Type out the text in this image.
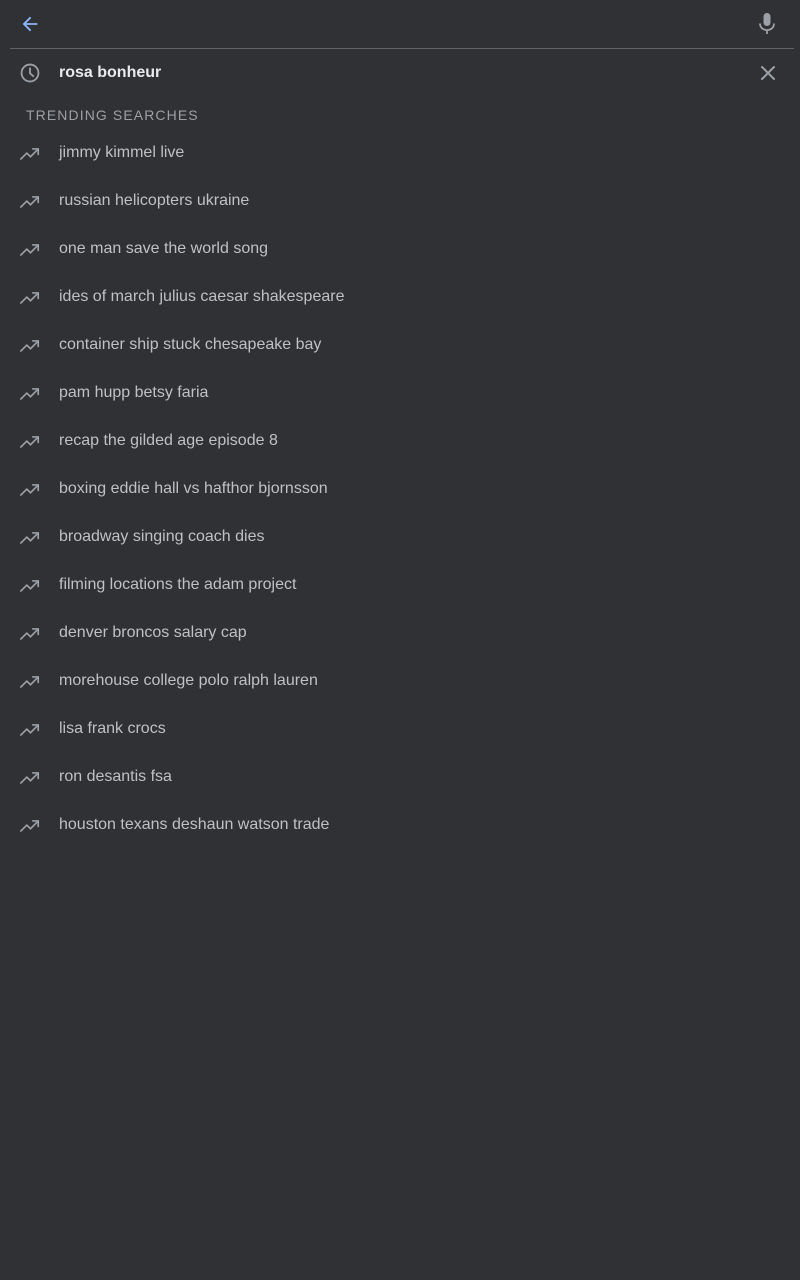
rosa bonheur
TRENDING SEARCHES
jimmy kimmel live
russian helicopters ukraine
one man save the world song
ides of march julius caesar shakespeare
container ship stuck chesapeake bay
pam hupp betsy faria
recap the gilded age episode 8
boxing eddie hall vs hafthor bjornsson
broadway singing coach dies
filming locations the adam project
denver broncos salary cap
morehouse college polo ralph lauren
lisa frank crocs
ron desantis fsa
houston texans deshaun watson trade
